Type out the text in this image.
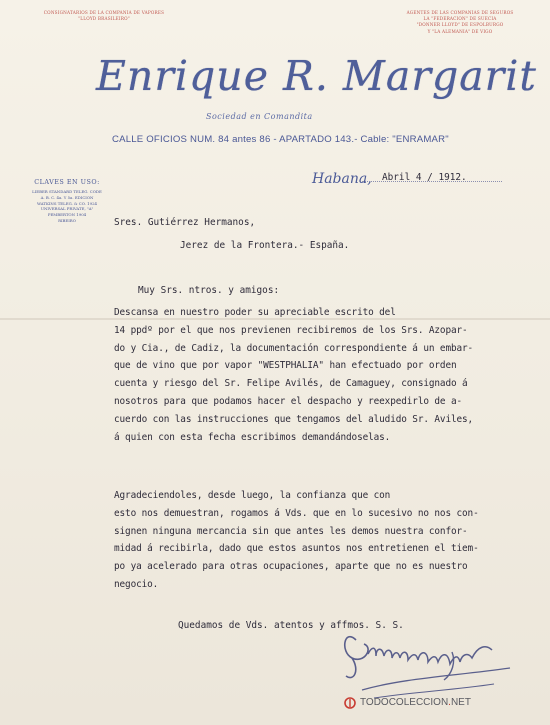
CONSIGNATARIOS DE LA COMPAÑIA DE VAPORES
"LLOYD BRASILEIRO"
AGENTES DE LAS COMPAÑIAS DE SEGUROS
LA "FEDERACION" DE SUECIA
"DONNER LLOYD" DE ESPOLBURGO
Y "LA ALEMANIA" DE VIGO
Enrique R. Margarit
Sociedad en Comandita
CALLE OFICIOS NUM. 84 antes 86 - APARTADO 143.- Cable: "ENRAMAR"
CLAVES EN USO:
LIEBER STANDARD TELEG. CODE
A. B. C. 4a. Y 5a. EDICION
WATKINS TELEG. & CO. 1924
UNIVERSAL PRIVATE, "A"
PEMBERTON 1904
RIBEIRO
Habana, Abril 4 / 1912.
Sres. Gutiérrez Hermanos,
Jerez de la Frontera.- España.
Muy Srs. ntros. y amigos:
Descansa en nuestro poder su apreciable escrito del
14 ppdº por el que nos previenen recibiremos de los Srs. Azopar-
do y Cia., de Cadiz, la documentación correspondiente á un embar-
que de vino que por vapor "WESTPHALIA" han efectuado por orden
cuenta y riesgo del Sr. Felipe Avilés, de Camaguey, consignado á
nosotros para que podamos hacer el despacho y reexpedirlo de a-
cuerdo con las instrucciones que tengamos del aludido Sr. Aviles,
á quien con esta fecha escribimos demandándoselas.
Agradeciendoles, desde luego, la confianza que con
esto nos demuestran, rogamos á Vds. que en lo sucesivo no nos con-
signen ninguna mercancia sin que antes les demos nuestra confor-
midad á recibirla, dado que estos asuntos nos entretienen el tiem-
po ya acelerado para otras ocupaciones, aparte que no es nuestro
negocio.
Quedamos de Vds. atentos y affmos. S. S.
TODOCOLECCION.NET
